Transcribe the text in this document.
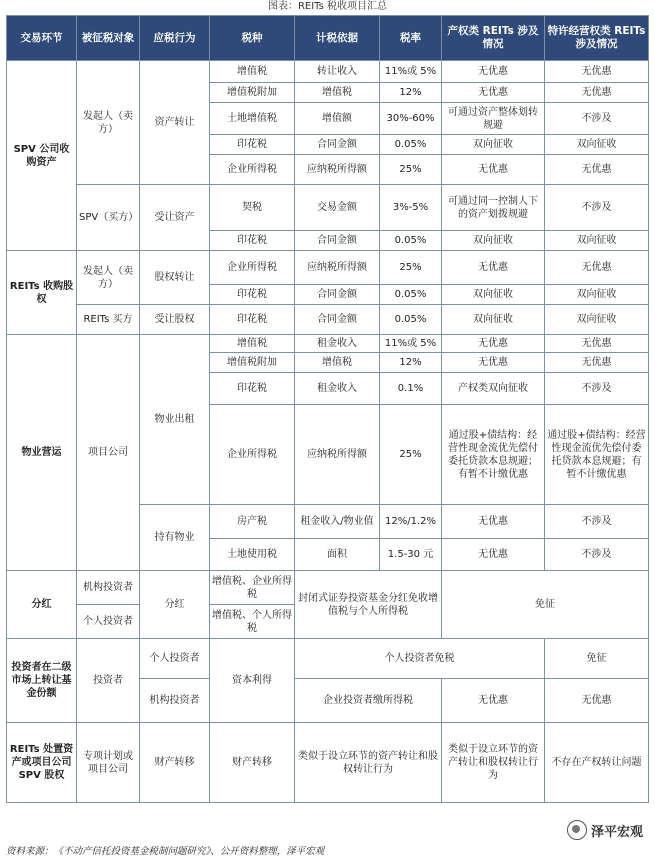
图表：REITs 税收项目汇总
交易环节	被征税对象	应税行为	税种	计税依据	税率	产权类 REITs 涉及情况	特许经营权类 REITs 涉及情况
SPV 公司收购资产	发起人（卖方）	资产转让	增值税	转让收入	11%或 5%	无优惠	无优惠
			增值税附加	增值税	12%	无优惠	无优惠
			土地增值税	增值额	30%-60%	可通过资产整体划转规避	不涉及
			印花税	合同金额	0.05%	双向征收	双向征收
			企业所得税	应纳税所得额	25%	无优惠	无优惠
	SPV（买方）	受让资产	契税	交易金额	3%-5%	可通过同一控制人下的资产划拨规避	不涉及
			印花税	合同金额	0.05%	双向征收	双向征收
REITs 收购股权	发起人（卖方）	股权转让	企业所得税	应纳税所得额	25%	无优惠	无优惠
			印花税	合同金额	0.05%	双向征收	双向征收
	REITs 买方	受让股权	印花税	合同金额	0.05%	双向征收	双向征收
物业营运	项目公司	物业出租	增值税	租金收入	11%或 5%	无优惠	无优惠
			增值税附加	增值税	12%	无优惠	无优惠
			印花税	租金收入	0.1%	产权类双向征收	不涉及
			企业所得税	应纳税所得额	25%	通过股+债结构：经营性现金流优先偿付委托贷款本息规避；有暂不计缴优惠	通过股+债结构：经营性现金流优先偿付委托贷款本息规避；有暂不计缴优惠
		持有物业	房产税	租金收入/物业值	12%/1.2%	无优惠	不涉及
			土地使用税	面积	1.5-30 元	无优惠	不涉及
分红	机构投资者	分红	增值税、企业所得税	封闭式证券投资基金分红免收增值税与个人所得税		免征	
	个人投资者		增值税、个人所得税				
投资者在二级市场上转让基金份额	投资者	个人投资者	资本利得	个人投资者免税			免征
		机构投资者		企业投资者缴所得税		无优惠	无优惠
REITs 处置资产或项目公司 SPV 股权	专项计划或项目公司	财产转移	财产转移	类似于设立环节的资产转让和股权转让行为		类似于设立环节的资产转让和股权转让行为	不存在产权转让问题
泽平宏观
资料来源：《不动产信托投资基金税制问题研究》、公开资料整理，泽平宏观
